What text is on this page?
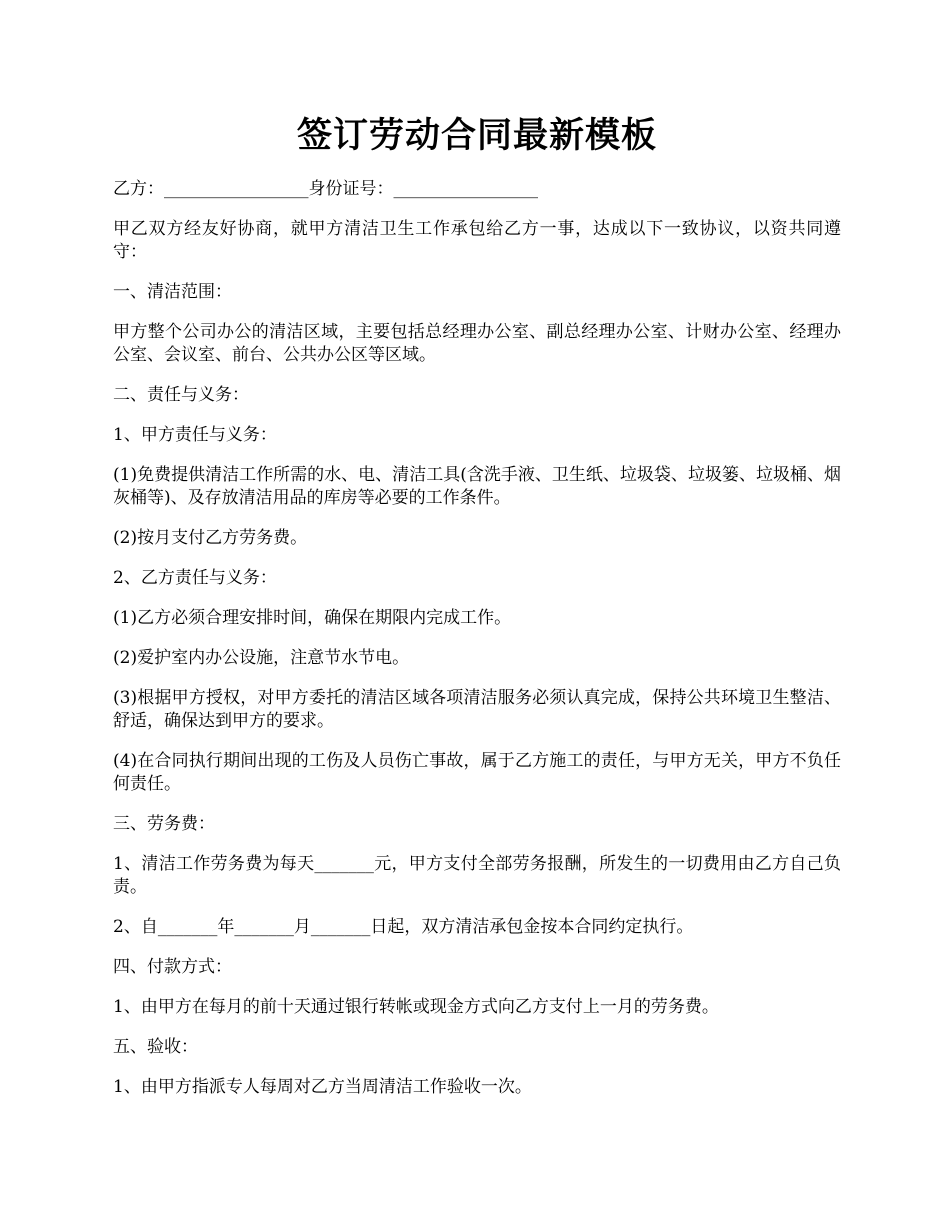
签订劳动合同最新模板

乙方：_________________身份证号：_________________

甲乙双方经友好协商，就甲方清洁卫生工作承包给乙方一事，达成以下一致协议，以资共同遵守：

一、清洁范围：

甲方整个公司办公的清洁区域，主要包括总经理办公室、副总经理办公室、计财办公室、经理办公室、会议室、前台、公共办公区等区域。

二、责任与义务：

1、甲方责任与义务：

(1)免费提供清洁工作所需的水、电、清洁工具(含洗手液、卫生纸、垃圾袋、垃圾篓、垃圾桶、烟灰桶等)、及存放清洁用品的库房等必要的工作条件。

(2)按月支付乙方劳务费。

2、乙方责任与义务：

(1)乙方必须合理安排时间，确保在期限内完成工作。

(2)爱护室内办公设施，注意节水节电。

(3)根据甲方授权，对甲方委托的清洁区域各项清洁服务必须认真完成，保持公共环境卫生整洁、舒适，确保达到甲方的要求。

(4)在合同执行期间出现的工伤及人员伤亡事故，属于乙方施工的责任，与甲方无关，甲方不负任何责任。

三、劳务费：

1、清洁工作劳务费为每天_______元，甲方支付全部劳务报酬，所发生的一切费用由乙方自己负责。

2、自_______年_______月_______日起，双方清洁承包金按本合同约定执行。

四、付款方式：

1、由甲方在每月的前十天通过银行转帐或现金方式向乙方支付上一月的劳务费。

五、验收：

1、由甲方指派专人每周对乙方当周清洁工作验收一次。
